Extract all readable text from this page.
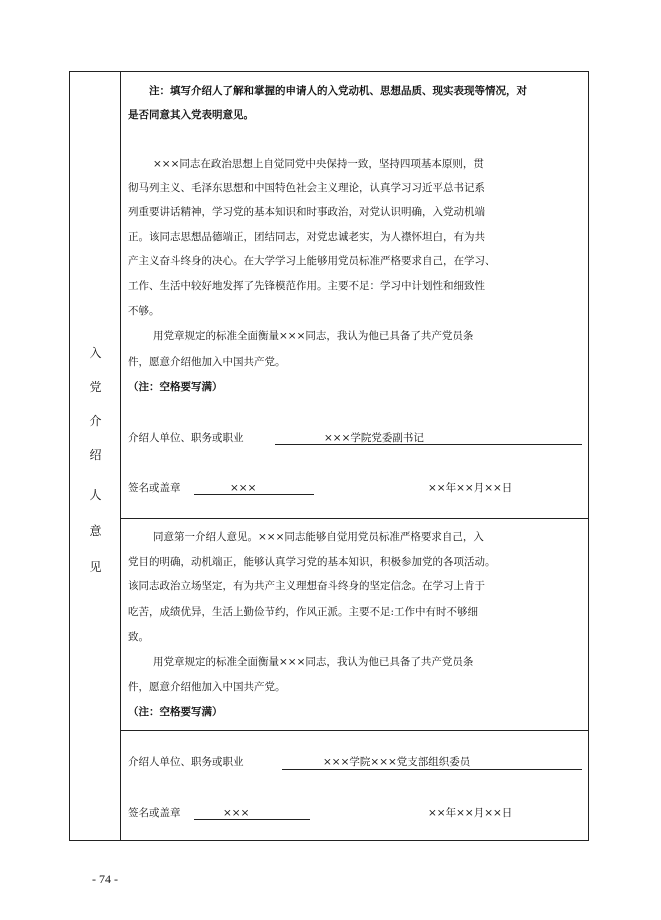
入
党
介
绍
人
意
见
注：填写介绍人了解和掌握的申请人的入党动机、思想品质、现实表现等情况，对
是否同意其入党表明意见。
×××同志在政治思想上自觉同党中央保持一致，坚持四项基本原则，贯
彻马列主义、毛泽东思想和中国特色社会主义理论，认真学习习近平总书记系
列重要讲话精神，学习党的基本知识和时事政治，对党认识明确，入党动机端
正。该同志思想品德端正，团结同志，对党忠诚老实，为人襟怀坦白，有为共
产主义奋斗终身的决心。在大学学习上能够用党员标准严格要求自己，在学习、
工作、生活中较好地发挥了先锋模范作用。主要不足：学习中计划性和细致性
不够。
用党章规定的标准全面衡量×××同志，我认为他已具备了共产党员条
件，愿意介绍他加入中国共产党。
（注：空格要写满）
介绍人单位、职务或职业	×××学院党委副书记
签名或盖章	×××	××年××月××日
同意第一介绍人意见。×××同志能够自觉用党员标准严格要求自己，入
党目的明确，动机端正，能够认真学习党的基本知识，积极参加党的各项活动。
该同志政治立场坚定，有为共产主义理想奋斗终身的坚定信念。在学习上肯于
吃苦，成绩优异，生活上勤俭节约，作风正派。主要不足:工作中有时不够细
致。
用党章规定的标准全面衡量×××同志，我认为他已具备了共产党员条
件，愿意介绍他加入中国共产党。
（注：空格要写满）
介绍人单位、职务或职业	×××学院×××党支部组织委员
签名或盖章	×××	××年××月××日
- 74 -
